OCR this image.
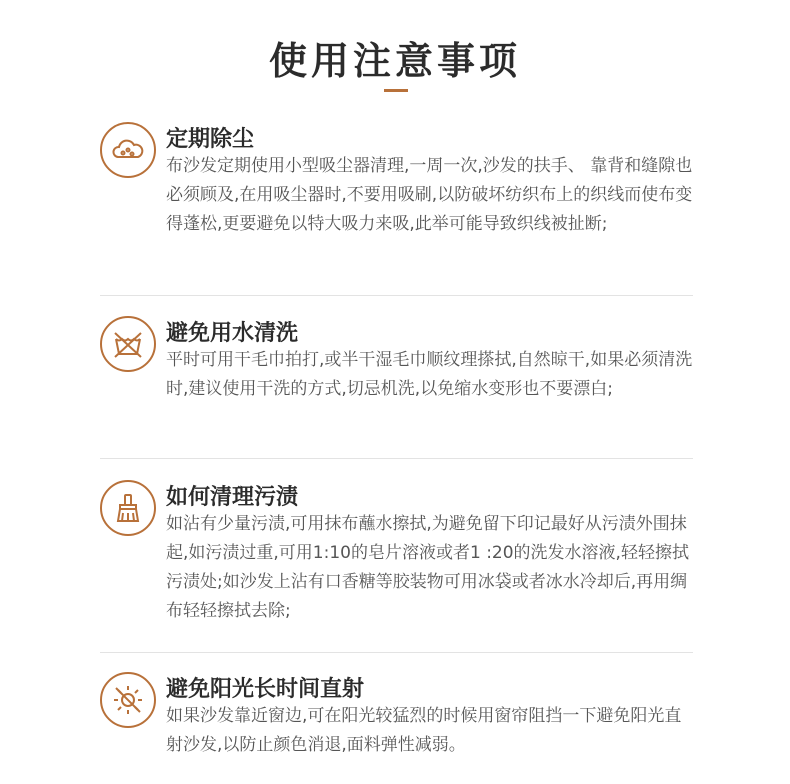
使用注意事项
定期除尘
布沙发定期使用小型吸尘器清理,一周一次,沙发的扶手、 靠背和缝隙也必须顾及,在用吸尘器时,不要用吸刷,以防破坏纺织布上的织线而使布变得蓬松,更要避免以特大吸力来吸,此举可能导致织线被扯断;
避免用水清洗
平时可用干毛巾拍打,或半干湿毛巾顺纹理搽拭,自然晾干,如果必须清洗时,建议使用干洗的方式,切忌机洗,以免缩水变形也不要漂白;
如何清理污渍
如沾有少量污渍,可用抹布蘸水擦拭,为避免留下印记最好从污渍外围抹起,如污渍过重,可用1:10的皂片溶液或者1 :20的洗发水溶液,轻轻擦拭污渍处;如沙发上沾有口香糖等胶装物可用冰袋或者冰水冷却后,再用绸布轻轻擦拭去除;
避免阳光长时间直射
如果沙发靠近窗边,可在阳光较猛烈的时候用窗帘阻挡一下避免阳光直射沙发,以防止颜色消退,面料弹性减弱。
